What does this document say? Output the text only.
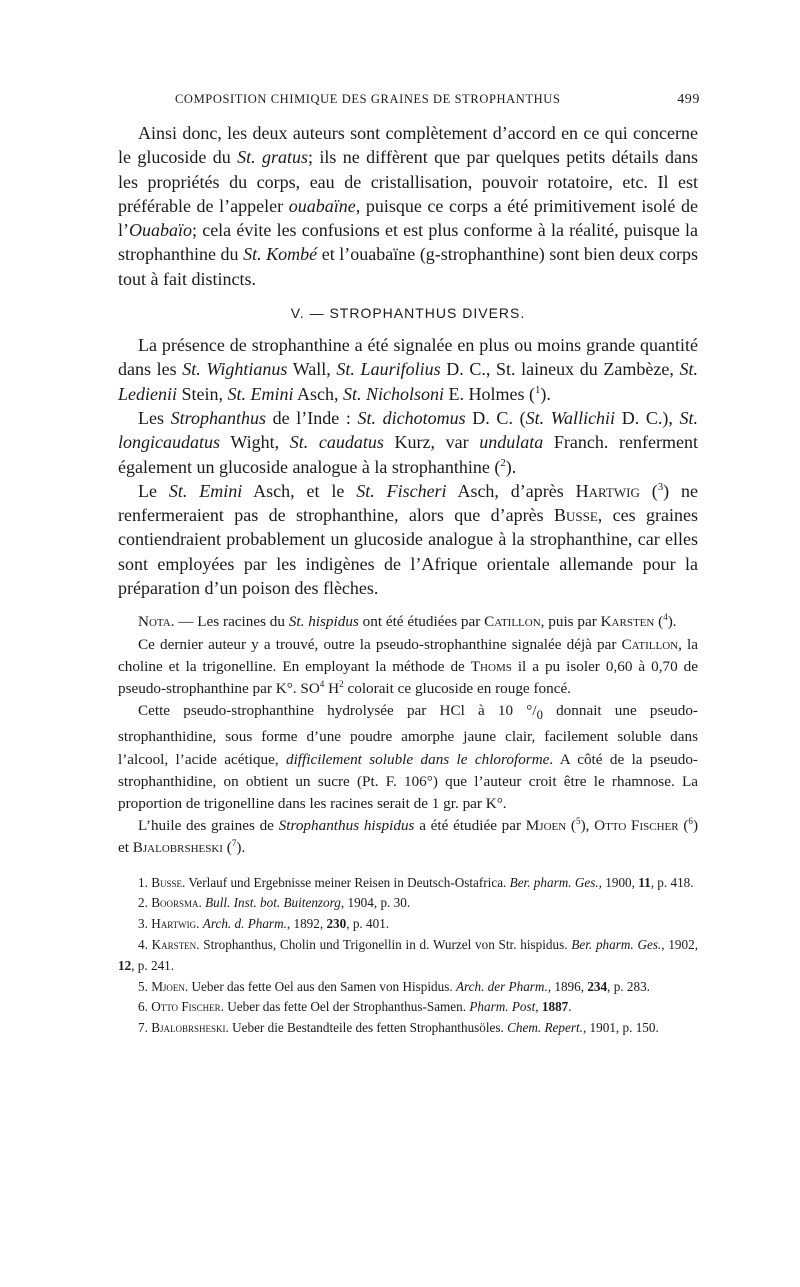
COMPOSITION CHIMIQUE DES GRAINES DE STROPHANTHUS	499

Ainsi donc, les deux auteurs sont complètement d’accord en ce qui concerne le glucoside du St. gratus; ils ne diffèrent que par quelques petits détails dans les propriétés du corps, eau de cristallisation, pouvoir rotatoire, etc. Il est préférable de l’appeler ouabaïne, puisque ce corps a été primitivement isolé de l’Ouabaïo; cela évite les confusions et est plus conforme à la réalité, puisque la strophanthine du St. Kombé et l’ouabaïne (g-strophanthine) sont bien deux corps tout à fait distincts.

V. — STROPHANTHUS DIVERS.

La présence de strophanthine a été signalée en plus ou moins grande quantité dans les St. Wightianus Wall, St. Laurifolius D. C., St. laineux du Zambèze, St. Ledienii Stein, St. Emini Asch, St. Nicholsoni E. Holmes ($^1$).

Les Strophanthus de l’Inde : St. dichotomus D. C. (St. Wallichii D. C.), St. longicaudatus Wight, St. caudatus Kurz, var undulata Franch. renferment également un glucoside analogue à la strophanthine ($^2$).

Le St. Emini Asch, et le St. Fischeri Asch, d’après Hartwig ($^3$) ne renfermeraient pas de strophanthine, alors que d’après Busse, ces graines contiendraient probablement un glucoside analogue à la strophanthine, car elles sont employées par les indigènes de l’Afrique orientale allemande pour la préparation d’un poison des flèches.

Nota. — Les racines du St. hispidus ont été étudiées par Catillon, puis par Karsten ($^4$).

Ce dernier auteur y a trouvé, outre la pseudo-strophanthine signalée déjà par Catillon, la choline et la trigonelline. En employant la méthode de Thoms il a pu isoler 0,60 à 0,70 de pseudo-strophanthine par K°. $SO^4$ $H^2$ colorait ce glucoside en rouge foncé.

Cette pseudo-strophanthine hydrolysée par HCl à 10 $^\circ/_0$ donnait une pseudo-strophanthidine, sous forme d’une poudre amorphe jaune clair, facilement soluble dans l’alcool, l’acide acétique, difficilement soluble dans le chloroforme. A côté de la pseudo-strophanthidine, on obtient un sucre (Pt. F. 106°) que l’auteur croit être le rhamnose. La proportion de trigonelline dans les racines serait de 1 gr. par K°.

L’huile des graines de Strophanthus hispidus a été étudiée par Mjoen ($^5$), Otto Fischer ($^6$) et Bjalobrsheski ($^7$).

1. Busse. Verlauf und Ergebnisse meiner Reisen in Deutsch-Ostafrica. Ber. pharm. Ges., 1900, 11, p. 418.

2. Boorsma. Bull. Inst. bot. Buitenzorg, 1904, p. 30.

3. Hartwig. Arch. d. Pharm., 1892, 230, p. 401.

4. Karsten. Strophanthus, Cholin und Trigonellin in d. Wurzel von Str. hispidus. Ber. pharm. Ges., 1902, 12, p. 241.

5. Mjoen. Ueber das fette Oel aus den Samen von Hispidus. Arch. der Pharm., 1896, 234, p. 283.

6. Otto Fischer. Ueber das fette Oel der Strophanthus-Samen. Pharm. Post, 1887.

7. Bjalobrsheski. Ueber die Bestandteile des fetten Strophanthusöles. Chem. Repert., 1901, p. 150.
